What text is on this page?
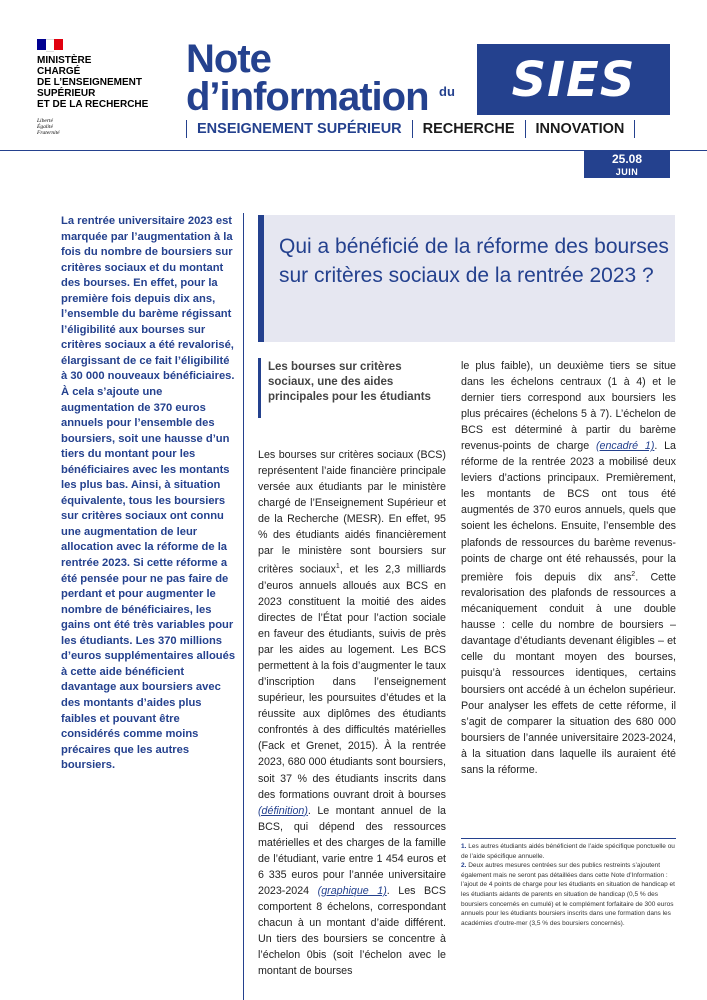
MINISTÈRE
CHARGÉ
DE L’ENSEIGNEMENT
SUPÉRIEUR
ET DE LA RECHERCHE
Liberté
Égalité
Fraternité
Note
d’information du SIES
ENSEIGNEMENT SUPÉRIEUR	RECHERCHE	INNOVATION
25.08
JUIN
La rentrée universitaire 2023 est marquée par l’augmentation à la fois du nombre de boursiers sur critères sociaux et du montant des bourses. En effet, pour la première fois depuis dix ans, l’ensemble du barème régissant l’éligibilité aux bourses sur critères sociaux a été revalorisé, élargissant de ce fait l’éligibilité à 30 000 nouveaux bénéficiaires. À cela s’ajoute une augmentation de 370 euros annuels pour l’ensemble des boursiers, soit une hausse d’un tiers du montant pour les bénéficiaires avec les montants les plus bas. Ainsi, à situation équivalente, tous les boursiers sur critères sociaux ont connu une augmentation de leur allocation avec la réforme de la rentrée 2023. Si cette réforme a été pensée pour ne pas faire de perdant et pour augmenter le nombre de bénéficiaires, les gains ont été très variables pour les étudiants. Les 370 millions d’euros supplémentaires alloués à cette aide bénéficient davantage aux boursiers avec des montants d’aides plus faibles et pouvant être considérés comme moins précaires que les autres boursiers.
Qui a bénéficié de la réforme des bourses sur critères sociaux de la rentrée 2023 ?
Les bourses sur critères sociaux, une des aides principales pour les étudiants
Les bourses sur critères sociaux (BCS) représentent l’aide financière principale versée aux étudiants par le ministère chargé de l’Enseignement Supérieur et de la Recherche (MESR). En effet, 95 % des étudiants aidés financièrement par le ministère sont boursiers sur critères sociaux$^1$, et les 2,3 milliards d’euros annuels alloués aux BCS en 2023 constituent la moitié des aides directes de l’État pour l’action sociale en faveur des étudiants, suivis de près par les aides au logement. Les BCS permettent à la fois d’augmenter le taux d’inscription dans l’enseignement supérieur, les poursuites d’études et la réussite aux diplômes des étudiants confrontés à des difficultés matérielles (Fack et Grenet, 2015). À la rentrée 2023, 680 000 étudiants sont boursiers, soit 37 % des étudiants inscrits dans des formations ouvrant droit à bourses (définition). Le montant annuel de la BCS, qui dépend des ressources matérielles et des charges de la famille de l’étudiant, varie entre 1 454 euros et 6 335 euros pour l’année universitaire 2023-2024 (graphique 1). Les BCS comportent 8 échelons, correspondant chacun à un montant d’aide différent. Un tiers des boursiers se concentre à l’échelon 0bis (soit l’échelon avec le montant de bourses
le plus faible), un deuxième tiers se situe dans les échelons centraux (1 à 4) et le dernier tiers correspond aux boursiers les plus précaires (échelons 5 à 7). L’échelon de BCS est déterminé à partir du barème revenus-points de charge (encadré 1). La réforme de la rentrée 2023 a mobilisé deux leviers d’actions principaux. Premièrement, les montants de BCS ont tous été augmentés de 370 euros annuels, quels que soient les échelons. Ensuite, l’ensemble des plafonds de ressources du barème revenus-points de charge ont été rehaussés, pour la première fois depuis dix ans$^2$. Cette revalorisation des plafonds de ressources a mécaniquement conduit à une double hausse : celle du nombre de boursiers – davantage d’étudiants devenant éligibles – et celle du montant moyen des bourses, puisqu’à ressources identiques, certains boursiers ont accédé à un échelon supérieur. Pour analyser les effets de cette réforme, il s’agit de comparer la situation des 680 000 boursiers de l’année universitaire 2023-2024, à la situation dans laquelle ils auraient été sans la réforme.
1. Les autres étudiants aidés bénéficient de l’aide spécifique ponctuelle ou de l’aide spécifique annuelle.
2. Deux autres mesures centrées sur des publics restreints s’ajoutent également mais ne seront pas détaillées dans cette Note d’Information : l’ajout de 4 points de charge pour les étudiants en situation de handicap et les étudiants aidants de parents en situation de handicap (0,5 % des boursiers concernés en cumulé) et le complément forfaitaire de 300 euros annuels pour les étudiants boursiers inscrits dans une formation dans les académies d’outre-mer (3,5 % des boursiers concernés).
